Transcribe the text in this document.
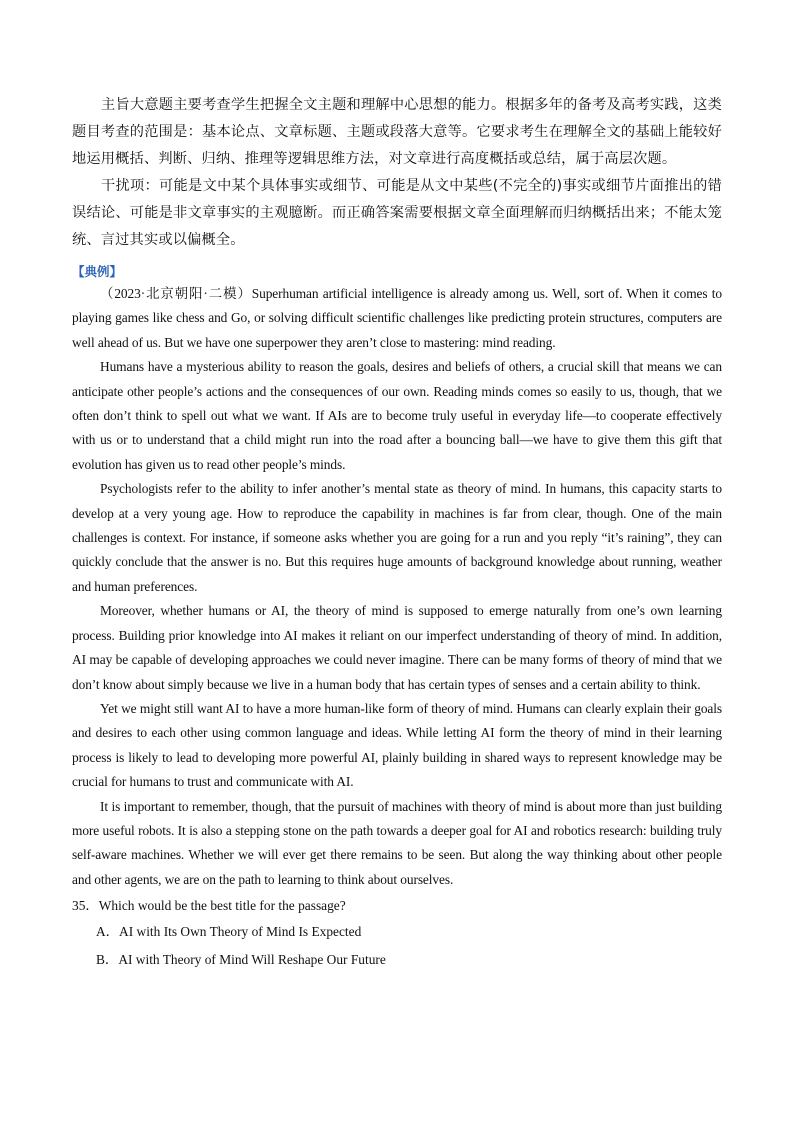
主旨大意题主要考查学生把握全文主题和理解中心思想的能力。根据多年的备考及高考实践，这类题目考查的范围是：基本论点、文章标题、主题或段落大意等。它要求考生在理解全文的基础上能较好地运用概括、判断、归纳、推理等逻辑思维方法，对文章进行高度概括或总结，属于高层次题。

干扰项：可能是文中某个具体事实或细节、可能是从文中某些(不完全的)事实或细节片面推出的错误结论、可能是非文章事实的主观臆断。而正确答案需要根据文章全面理解而归纳概括出来；不能太笼统、言过其实或以偏概全。

【典例】

（2023·北京朝阳·二模）Superhuman artificial intelligence is already among us. Well, sort of. When it comes to playing games like chess and Go, or solving difficult scientific challenges like predicting protein structures, computers are well ahead of us. But we have one superpower they aren’t close to mastering: mind reading.

Humans have a mysterious ability to reason the goals, desires and beliefs of others, a crucial skill that means we can anticipate other people’s actions and the consequences of our own. Reading minds comes so easily to us, though, that we often don’t think to spell out what we want. If AIs are to become truly useful in everyday life—to cooperate effectively with us or to understand that a child might run into the road after a bouncing ball—we have to give them this gift that evolution has given us to read other people’s minds.

Psychologists refer to the ability to infer another’s mental state as theory of mind. In humans, this capacity starts to develop at a very young age. How to reproduce the capability in machines is far from clear, though. One of the main challenges is context. For instance, if someone asks whether you are going for a run and you reply “it’s raining”, they can quickly conclude that the answer is no. But this requires huge amounts of background knowledge about running, weather and human preferences.

Moreover, whether humans or AI, the theory of mind is supposed to emerge naturally from one’s own learning process. Building prior knowledge into AI makes it reliant on our imperfect understanding of theory of mind. In addition, AI may be capable of developing approaches we could never imagine. There can be many forms of theory of mind that we don’t know about simply because we live in a human body that has certain types of senses and a certain ability to think.

Yet we might still want AI to have a more human-like form of theory of mind. Humans can clearly explain their goals and desires to each other using common language and ideas. While letting AI form the theory of mind in their learning process is likely to lead to developing more powerful AI, plainly building in shared ways to represent knowledge may be crucial for humans to trust and communicate with AI.

It is important to remember, though, that the pursuit of machines with theory of mind is about more than just building more useful robots. It is also a stepping stone on the path towards a deeper goal for AI and robotics research: building truly self-aware machines. Whether we will ever get there remains to be seen. But along the way thinking about other people and other agents, we are on the path to learning to think about ourselves.

35．Which would be the best title for the passage?

A．AI with Its Own Theory of Mind Is Expected

B．AI with Theory of Mind Will Reshape Our Future
